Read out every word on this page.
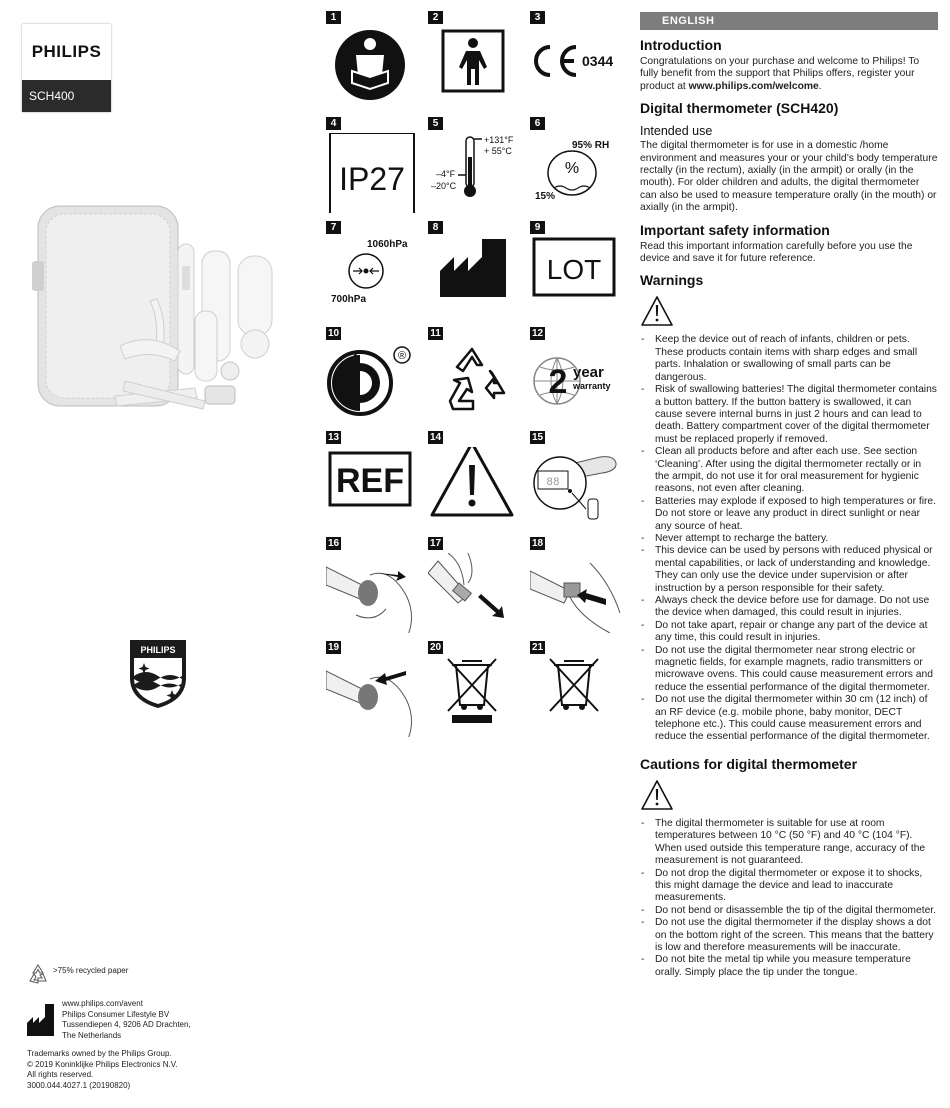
PHILIPS
SCH400
PHILIPS
>75% recycled paper
www.philips.com/avent
Philips Consumer Lifestyle BV
Tussendiepen 4, 9206 AD Drachten,
The Netherlands
Trademarks owned by the Philips Group.
© 2019 Koninklijke Philips Electronics N.V.
All rights reserved.
3000.044.4027.1 (20190820)
1	2	3
0344
4
IP27
5
+131°F
+ 55°C
–4°F
–20°C
6
%
95% RH
15%
7
1060hPa
700hPa
8	9
LOT
10
®
11	12
2 year
warranty
13
REF
14	15
88
16	17	18
19	20	21
ENGLISH
Introduction

Congratulations on your purchase and welcome to Philips! To fully benefit from the support that Philips offers, register your product at www.philips.com/welcome.

Digital thermometer (SCH420)
Intended use

The digital thermometer is for use in a domestic /home environment and measures your or your child’s body temperature rectally (in the rectum), axially (in the armpit) or orally (in the mouth). For older children and adults, the digital thermometer can also be used to measure temperature orally (in the mouth) or axially (in the armpit).

Important safety information

Read this important information carefully before you use the device and save it for future reference.

Warnings
- Keep the device out of reach of infants, children or pets. These products contain items with sharp edges and small parts. Inhalation or swallowing of small parts can be dangerous.
- Risk of swallowing batteries! The digital thermometer contains a button battery. If the button battery is swallowed, it can cause severe internal burns in just 2 hours and can lead to death. Battery compartment cover of the digital thermometer must be replaced properly if removed.
- Clean all products before and after each use. See section ‘Cleaning’. After using the digital thermometer rectally or in the armpit, do not use it for oral measurement for hygienic reasons, not even after cleaning.
- Batteries may explode if exposed to high temperatures or fire. Do not store or leave any product in direct sunlight or near any source of heat.
- Never attempt to recharge the battery.
- This device can be used by persons with reduced physical or mental capabilities, or lack of understanding and knowledge. They can only use the device under supervision or after instruction by a person responsible for their safety.
- Always check the device before use for damage. Do not use the device when damaged, this could result in injuries.
- Do not take apart, repair or change any part of the device at any time, this could result in injuries.
- Do not use the digital thermometer near strong electric or magnetic fields, for example magnets, radio transmitters or microwave ovens. This could cause measurement errors and reduce the essential performance of the digital thermometer.
- Do not use the digital thermometer within 30 cm (12 inch) of an RF device (e.g. mobile phone, baby monitor, DECT telephone etc.). This could cause measurement errors and reduce the essential performance of the digital thermometer.
Cautions for digital thermometer
- The digital thermometer is suitable for use at room temperatures between 10 °C (50 °F) and 40 °C (104 °F). When used outside this temperature range, accuracy of the measurement is not guaranteed.
- Do not drop the digital thermometer or expose it to shocks, this might damage the device and lead to inaccurate measurements.
- Do not bend or disassemble the tip of the digital thermometer.
- Do not use the digital thermometer if the display shows a dot on the bottom right of the screen. This means that the battery is low and therefore measurements will be inaccurate.
- Do not bite the metal tip while you measure temperature orally. Simply place the tip under the tongue.
